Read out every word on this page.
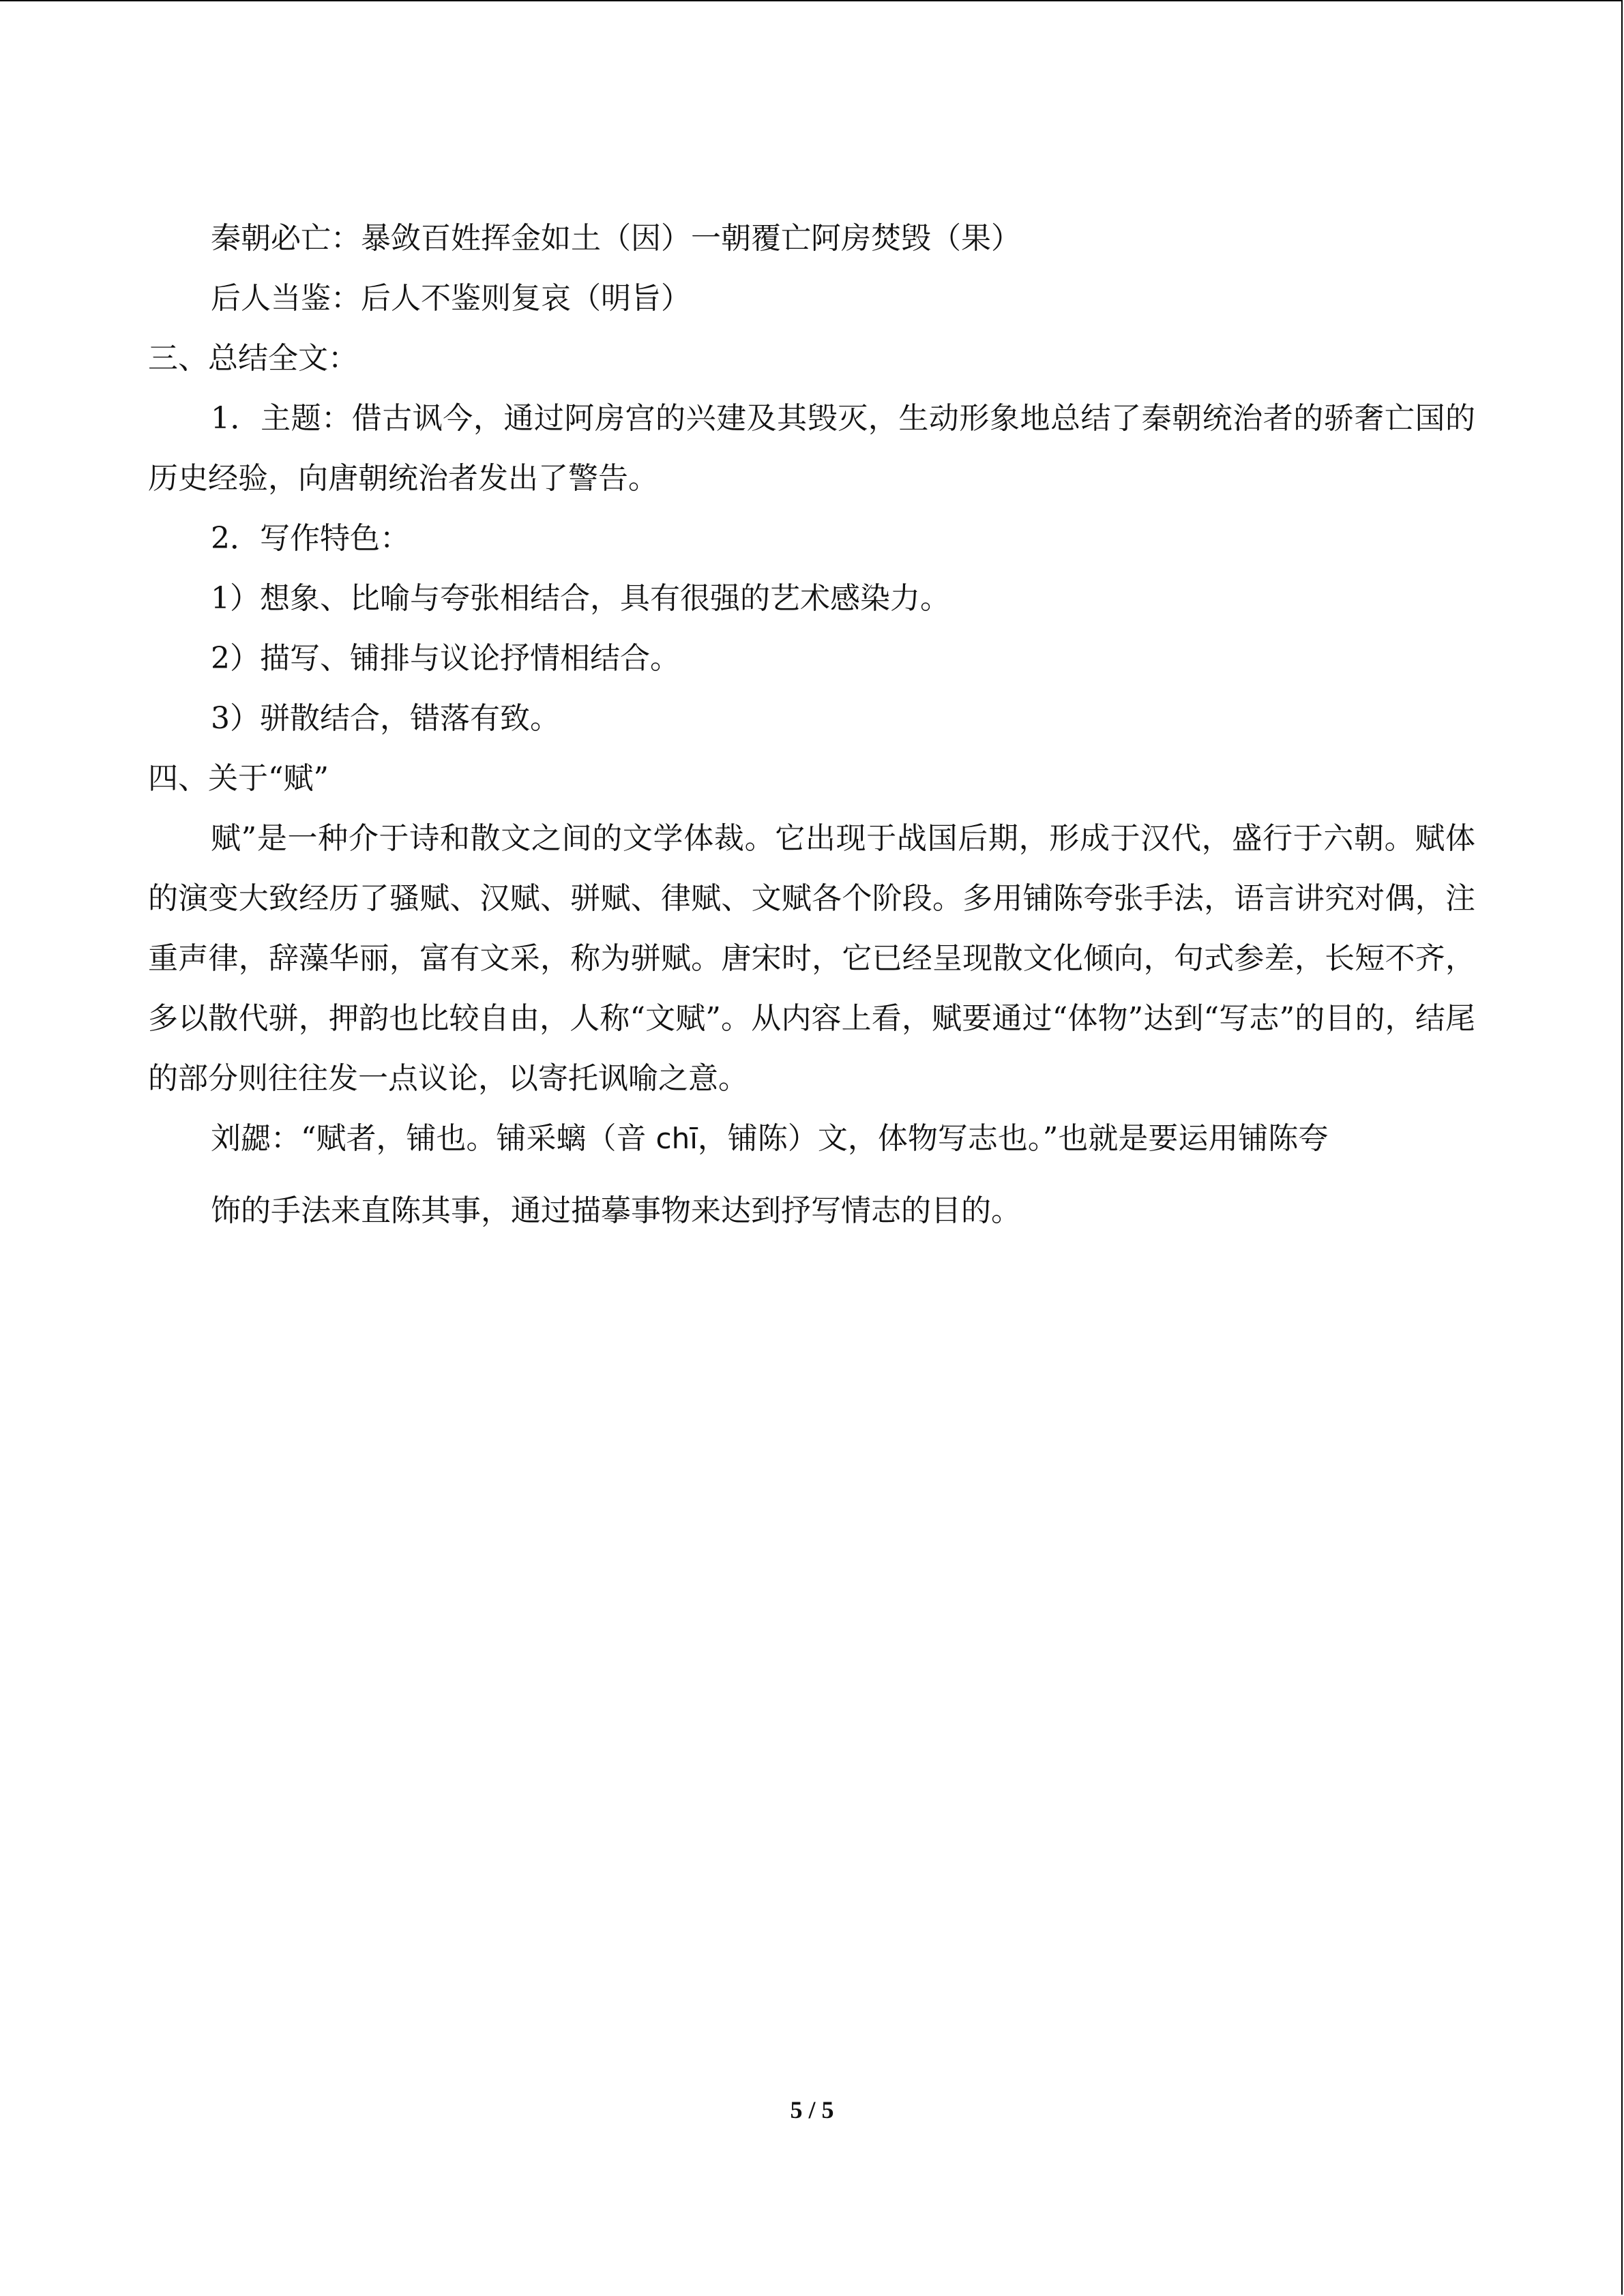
秦朝必亡：暴敛百姓挥金如土（因）一朝覆亡阿房焚毁（果）

后人当鉴：后人不鉴则复哀（明旨）

三、总结全文：

1．主题：借古讽今，通过阿房宫的兴建及其毁灭，生动形象地总结了秦朝统治者的骄奢亡国的历史经验，向唐朝统治者发出了警告。

2．写作特色：

1）想象、比喻与夸张相结合，具有很强的艺术感染力。

2）描写、铺排与议论抒情相结合。

3）骈散结合，错落有致。

四、关于“赋”

赋”是一种介于诗和散文之间的文学体裁。它出现于战国后期，形成于汉代，盛行于六朝。赋体的演变大致经历了骚赋、汉赋、骈赋、律赋、文赋各个阶段。多用铺陈夸张手法，语言讲究对偶，注重声律，辞藻华丽，富有文采，称为骈赋。唐宋时，它已经呈现散文化倾向，句式参差，长短不齐，多以散代骈，押韵也比较自由，人称“文赋”。从内容上看，赋要通过“体物”达到“写志”的目的，结尾的部分则往往发一点议论，以寄托讽喻之意。

刘勰：“赋者，铺也。铺采螭（音 chī，铺陈）文，体物写志也。”也就是要运用铺陈夸
饰的手法来直陈其事，通过描摹事物来达到抒写情志的目的。

5 / 5
